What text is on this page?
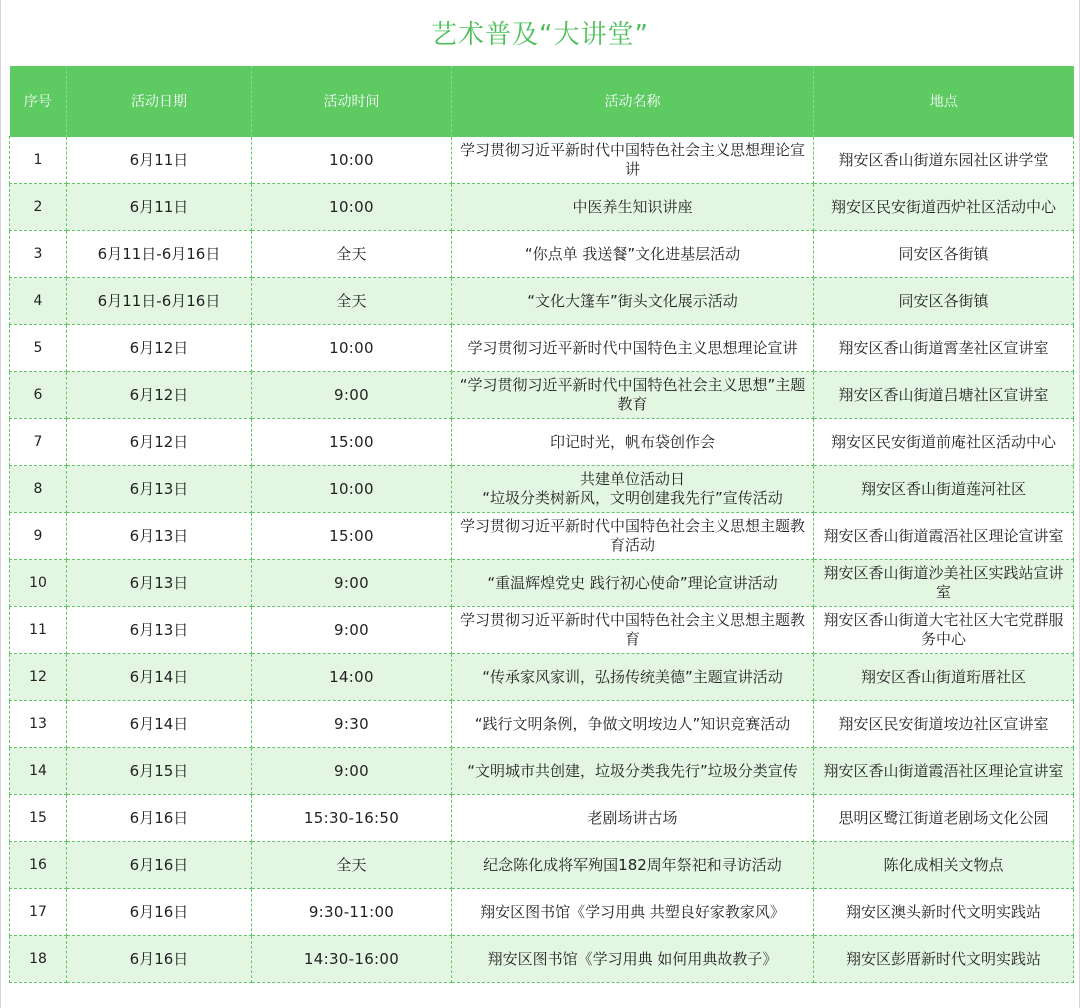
艺术普及“大讲堂”
序号	活动日期	活动时间	活动名称	地点
1	6月11日	10:00	学习贯彻习近平新时代中国特色社会主义思想理论宣讲	翔安区香山街道东园社区讲学堂
2	6月11日	10:00	中医养生知识讲座	翔安区民安街道西炉社区活动中心
3	6月11日-6月16日	全天	“你点单 我送餐”文化进基层活动	同安区各街镇
4	6月11日-6月16日	全天	“文化大篷车”街头文化展示活动	同安区各街镇
5	6月12日	10:00	学习贯彻习近平新时代中国特色主义思想理论宣讲	翔安区香山街道霄垄社区宣讲室
6	6月12日	9:00	“学习贯彻习近平新时代中国特色社会主义思想”主题教育	翔安区香山街道吕塘社区宣讲室
7	6月12日	15:00	印记时光，帆布袋创作会	翔安区民安街道前庵社区活动中心
8	6月13日	10:00	共建单位活动日
“垃圾分类树新风，文明创建我先行”宣传活动	翔安区香山街道莲河社区
9	6月13日	15:00	学习贯彻习近平新时代中国特色社会主义思想主题教育活动	翔安区香山街道霞浯社区理论宣讲室
10	6月13日	9:00	“重温辉煌党史 践行初心使命”理论宣讲活动	翔安区香山街道沙美社区实践站宣讲室
11	6月13日	9:00	学习贯彻习近平新时代中国特色社会主义思想主题教育	翔安区香山街道大宅社区大宅党群服务中心
12	6月14日	14:00	“传承家风家训，弘扬传统美德”主题宣讲活动	翔安区香山街道珩厝社区
13	6月14日	9:30	“践行文明条例，争做文明垵边人”知识竞赛活动	翔安区民安街道垵边社区宣讲室
14	6月15日	9:00	“文明城市共创建，垃圾分类我先行”垃圾分类宣传	翔安区香山街道霞浯社区理论宣讲室
15	6月16日	15:30-16:50	老剧场讲古场	思明区鹭江街道老剧场文化公园
16	6月16日	全天	纪念陈化成将军殉国182周年祭祀和寻访活动	陈化成相关文物点
17	6月16日	9:30-11:00	翔安区图书馆《学习用典 共塑良好家教家风》	翔安区澳头新时代文明实践站
18	6月16日	14:30-16:00	翔安区图书馆《学习用典 如何用典故教子》	翔安区彭厝新时代文明实践站
